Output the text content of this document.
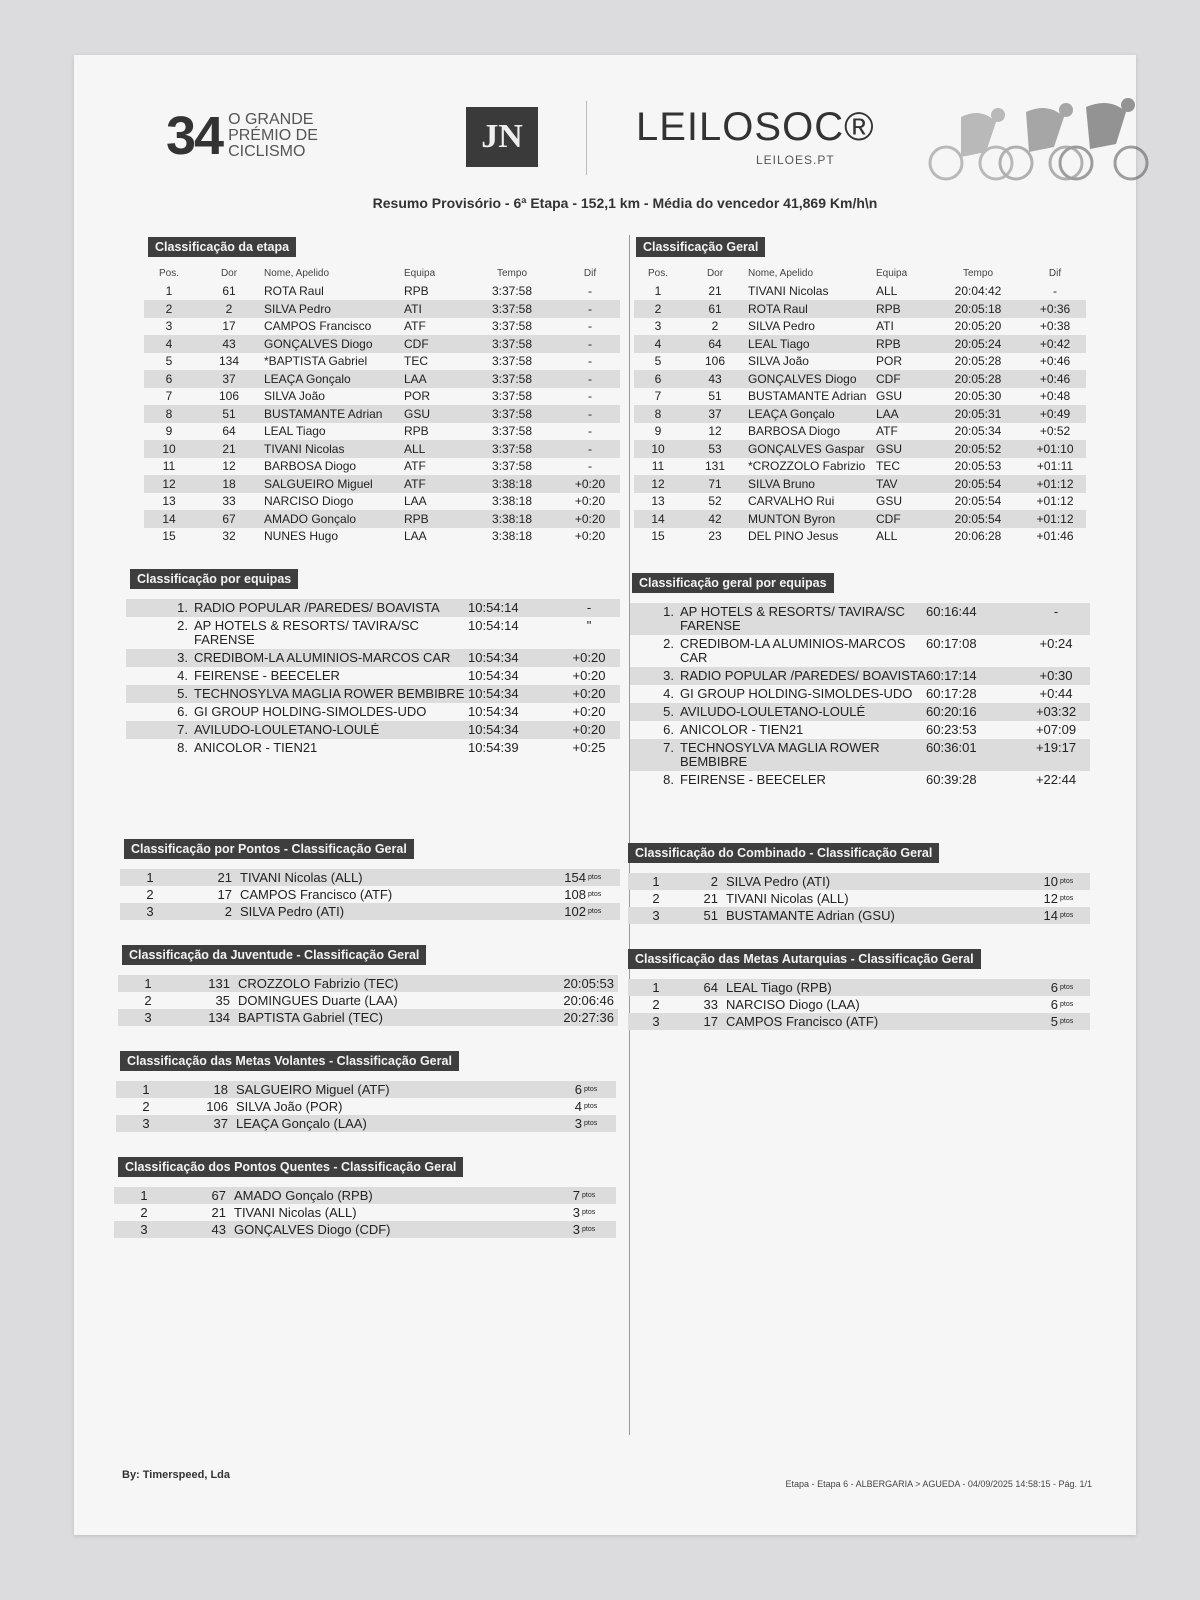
34 O GRANDE
PRÉMIO DE
CICLISMO	JN	LEILOSOC®
LEILOES.PT
Resumo Provisório - 6ª Etapa - 152,1 km - Média do vencedor 41,869 Km/h\n
Classificação da etapa
Pos.	Dor	Nome, Apelido	Equipa	Tempo	Dif
1	61	ROTA Raul	RPB	3:37:58	-
2	2	SILVA Pedro	ATI	3:37:58	-
3	17	CAMPOS Francisco	ATF	3:37:58	-
4	43	GONÇALVES Diogo	CDF	3:37:58	-
5	134	*BAPTISTA Gabriel	TEC	3:37:58	-
6	37	LEAÇA Gonçalo	LAA	3:37:58	-
7	106	SILVA João	POR	3:37:58	-
8	51	BUSTAMANTE Adrian	GSU	3:37:58	-
9	64	LEAL Tiago	RPB	3:37:58	-
10	21	TIVANI Nicolas	ALL	3:37:58	-
11	12	BARBOSA Diogo	ATF	3:37:58	-
12	18	SALGUEIRO Miguel	ATF	3:38:18	+0:20
13	33	NARCISO Diogo	LAA	3:38:18	+0:20
14	67	AMADO Gonçalo	RPB	3:38:18	+0:20
15	32	NUNES Hugo	LAA	3:38:18	+0:20
Classificação Geral
Pos.	Dor	Nome, Apelido	Equipa	Tempo	Dif
1	21	TIVANI Nicolas	ALL	20:04:42	-
2	61	ROTA Raul	RPB	20:05:18	+0:36
3	2	SILVA Pedro	ATI	20:05:20	+0:38
4	64	LEAL Tiago	RPB	20:05:24	+0:42
5	106	SILVA João	POR	20:05:28	+0:46
6	43	GONÇALVES Diogo	CDF	20:05:28	+0:46
7	51	BUSTAMANTE Adrian GSU	20:05:30	+0:48
8	37	LEAÇA Gonçalo	LAA	20:05:31	+0:49
9	12	BARBOSA Diogo	ATF	20:05:34	+0:52
10	53	GONÇALVES Gaspar GSU	20:05:52	+01:10
11	131	*CROZZOLO Fabrizio TEC	20:05:53	+01:11
12	71	SILVA Bruno	TAV	20:05:54	+01:12
13	52	CARVALHO Rui	GSU	20:05:54	+01:12
14	42	MUNTON Byron	CDF	20:05:54	+01:12
15	23	DEL PINO Jesus	ALL	20:06:28	+01:46
Classificação por equipas
1. RADIO POPULAR /PAREDES/ BOAVISTA	10:54:14	-
2. AP HOTELS & RESORTS/ TAVIRA/SC FARENSE
10:54:14	"
3. CREDIBOM-LA ALUMINIOS-MARCOS CAR	10:54:34	+0:20
4. FEIRENSE - BEECELER	10:54:34	+0:20
5. TECHNOSYLVA MAGLIA ROWER BEMBIBRE 10:54:34	+0:20
6. GI GROUP HOLDING-SIMOLDES-UDO	10:54:34	+0:20
7. AVILUDO-LOULETANO-LOULÉ	10:54:34	+0:20
8. ANICOLOR - TIEN21	10:54:39	+0:25
Classificação geral por equipas
1. AP HOTELS & RESORTS/ TAVIRA/SC FARENSE
60:16:44	-
2. CREDIBOM-LA ALUMINIOS-MARCOS CAR
60:17:08	+0:24
3. RADIO POPULAR /PAREDES/ BOAVISTA 60:17:14	+0:30
4. GI GROUP HOLDING-SIMOLDES-UDO	60:17:28	+0:44
5. AVILUDO-LOULETANO-LOULÉ	60:20:16	+03:32
6. ANICOLOR - TIEN21	60:23:53	+07:09
7. TECHNOSYLVA MAGLIA ROWER BEMBIBRE
60:36:01	+19:17
8. FEIRENSE - BEECELER	60:39:28	+22:44
Classificação por Pontos - Classificação Geral
1	21 TIVANI Nicolas (ALL)	154 ptos
2	17 CAMPOS Francisco (ATF)	108 ptos
3	2 SILVA Pedro (ATI)	102 ptos
Classificação do Combinado - Classificação Geral
1	2 SILVA Pedro (ATI)	10 ptos
2	21 TIVANI Nicolas (ALL)	12 ptos
3	51 BUSTAMANTE Adrian (GSU)	14 ptos
Classificação da Juventude - Classificação Geral
1	131 CROZZOLO Fabrizio (TEC)	20:05:53
2	35 DOMINGUES Duarte (LAA)	20:06:46
3	134 BAPTISTA Gabriel (TEC)	20:27:36
Classificação das Metas Autarquias - Classificação Geral
1	64 LEAL Tiago (RPB)	6 ptos
2	33 NARCISO Diogo (LAA)	6 ptos
3	17 CAMPOS Francisco (ATF)	5 ptos
Classificação das Metas Volantes - Classificação Geral
1	18 SALGUEIRO Miguel (ATF)	6 ptos
2	106 SILVA João (POR)	4 ptos
3	37 LEAÇA Gonçalo (LAA)	3 ptos
Classificação dos Pontos Quentes - Classificação Geral
1	67 AMADO Gonçalo (RPB)	7 ptos
2	21 TIVANI Nicolas (ALL)	3 ptos
3	43 GONÇALVES Diogo (CDF)	3 ptos
By: Timerspeed, Lda
Etapa - Etapa 6 - ALBERGARIA > AGUEDA - 04/09/2025 14:58:15 - Pág. 1/1
